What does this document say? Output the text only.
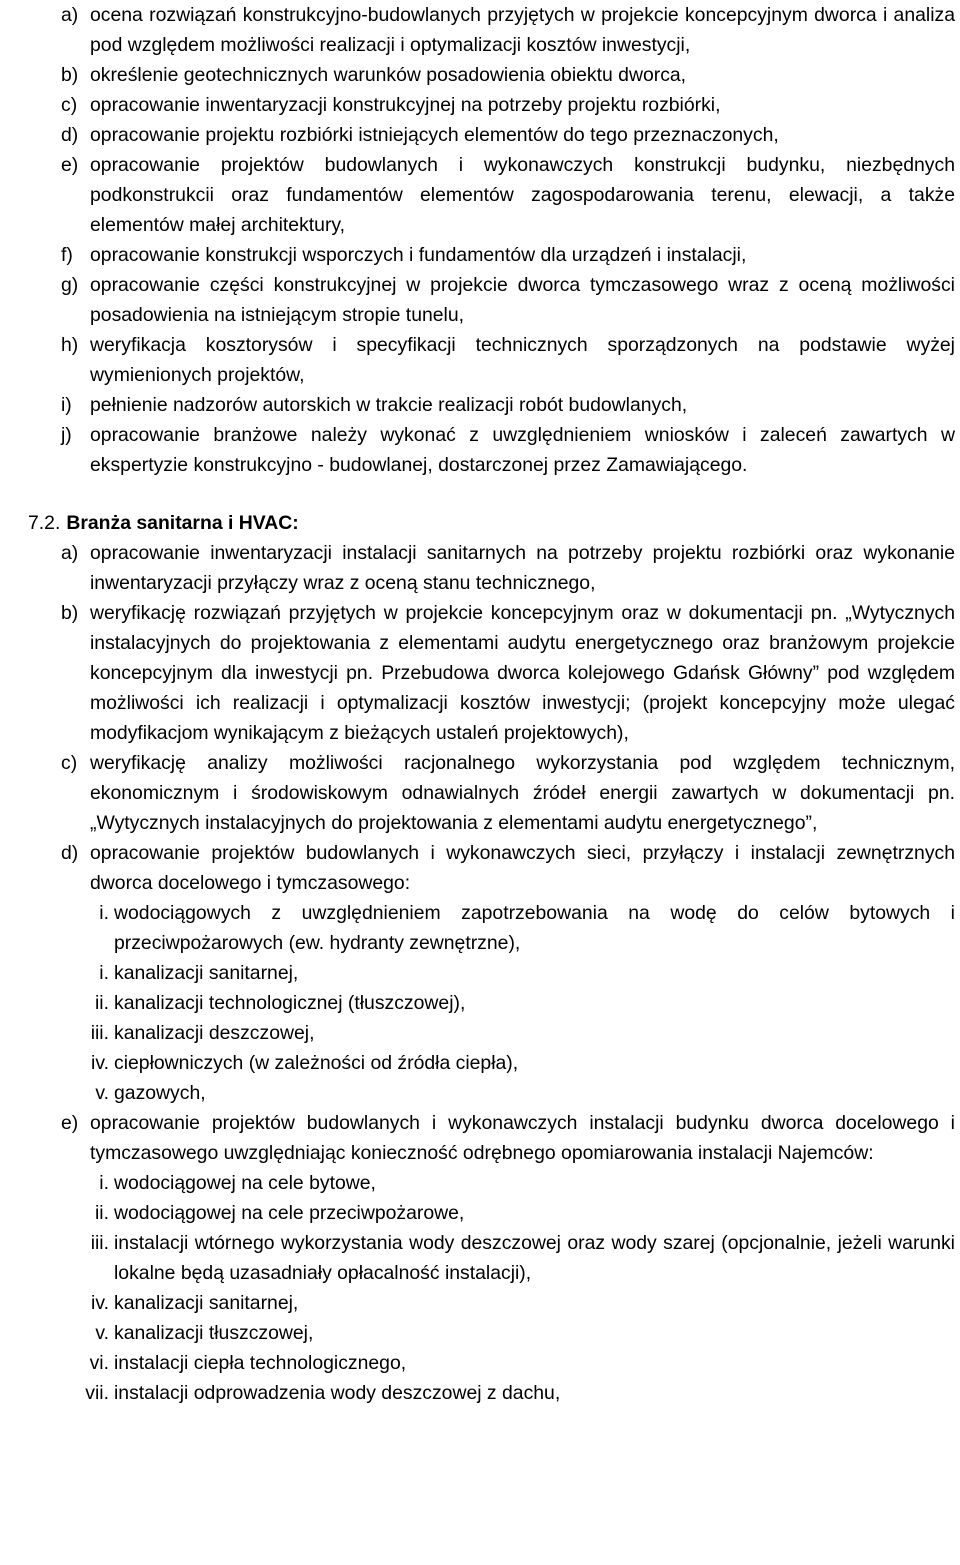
a) ocena rozwiązań konstrukcyjno-budowlanych przyjętych w projekcie koncepcyjnym dworca i analiza pod względem możliwości realizacji i optymalizacji kosztów inwestycji,
b) określenie geotechnicznych warunków posadowienia obiektu dworca,
c) opracowanie inwentaryzacji konstrukcyjnej na potrzeby projektu rozbiórki,
d) opracowanie projektu rozbiórki istniejących elementów do tego przeznaczonych,
e) opracowanie projektów budowlanych i wykonawczych konstrukcji budynku, niezbędnych podkonstrukcii oraz fundamentów elementów zagospodarowania terenu, elewacji, a także elementów małej architektury,
f) opracowanie konstrukcji wsporczych i fundamentów dla urządzeń i instalacji,
g) opracowanie części konstrukcyjnej w projekcie dworca tymczasowego wraz z oceną możliwości posadowienia na istniejącym stropie tunelu,
h) weryfikacja kosztorysów i specyfikacji technicznych sporządzonych na podstawie wyżej wymienionych projektów,
i) pełnienie nadzorów autorskich w trakcie realizacji robót budowlanych,
j) opracowanie branżowe należy wykonać z uwzględnieniem wniosków i zaleceń zawartych w ekspertyzie konstrukcyjno - budowlanej, dostarczonej przez Zamawiającego.
7.2. Branża sanitarna i HVAC:
a) opracowanie inwentaryzacji instalacji sanitarnych na potrzeby projektu rozbiórki oraz wykonanie inwentaryzacji przyłączy wraz z oceną stanu technicznego,
b) weryfikację rozwiązań przyjętych w projekcie koncepcyjnym oraz w dokumentacji pn. „Wytycznych instalacyjnych do projektowania z elementami audytu energetycznego oraz branżowym projekcie koncepcyjnym dla inwestycji pn. Przebudowa dworca kolejowego Gdańsk Główny” pod względem możliwości ich realizacji i optymalizacji kosztów inwestycji; (projekt koncepcyjny może ulegać modyfikacjom wynikającym z bieżących ustaleń projektowych),
c) weryfikację analizy możliwości racjonalnego wykorzystania pod względem technicznym, ekonomicznym i środowiskowym odnawialnych źródeł energii zawartych w dokumentacji pn. „Wytycznych instalacyjnych do projektowania z elementami audytu energetycznego”,
d) opracowanie projektów budowlanych i wykonawczych sieci, przyłączy i instalacji zewnętrznych dworca docelowego i tymczasowego:
i. wodociągowych z uwzględnieniem zapotrzebowania na wodę do celów bytowych i przeciwpożarowych (ew. hydranty zewnętrzne),
i. kanalizacji sanitarnej,
ii. kanalizacji technologicznej (tłuszczowej),
iii. kanalizacji deszczowej,
iv. ciepłowniczych (w zależności od źródła ciepła),
v. gazowych,
e) opracowanie projektów budowlanych i wykonawczych instalacji budynku dworca docelowego i tymczasowego uwzględniając konieczność odrębnego opomiarowania instalacji Najemców:
i. wodociągowej na cele bytowe,
ii. wodociągowej na cele przeciwpożarowe,
iii. instalacji wtórnego wykorzystania wody deszczowej oraz wody szarej (opcjonalnie, jeżeli warunki lokalne będą uzasadniały opłacalność instalacji),
iv. kanalizacji sanitarnej,
v. kanalizacji tłuszczowej,
vi. instalacji ciepła technologicznego,
vii. instalacji odprowadzenia wody deszczowej z dachu,
